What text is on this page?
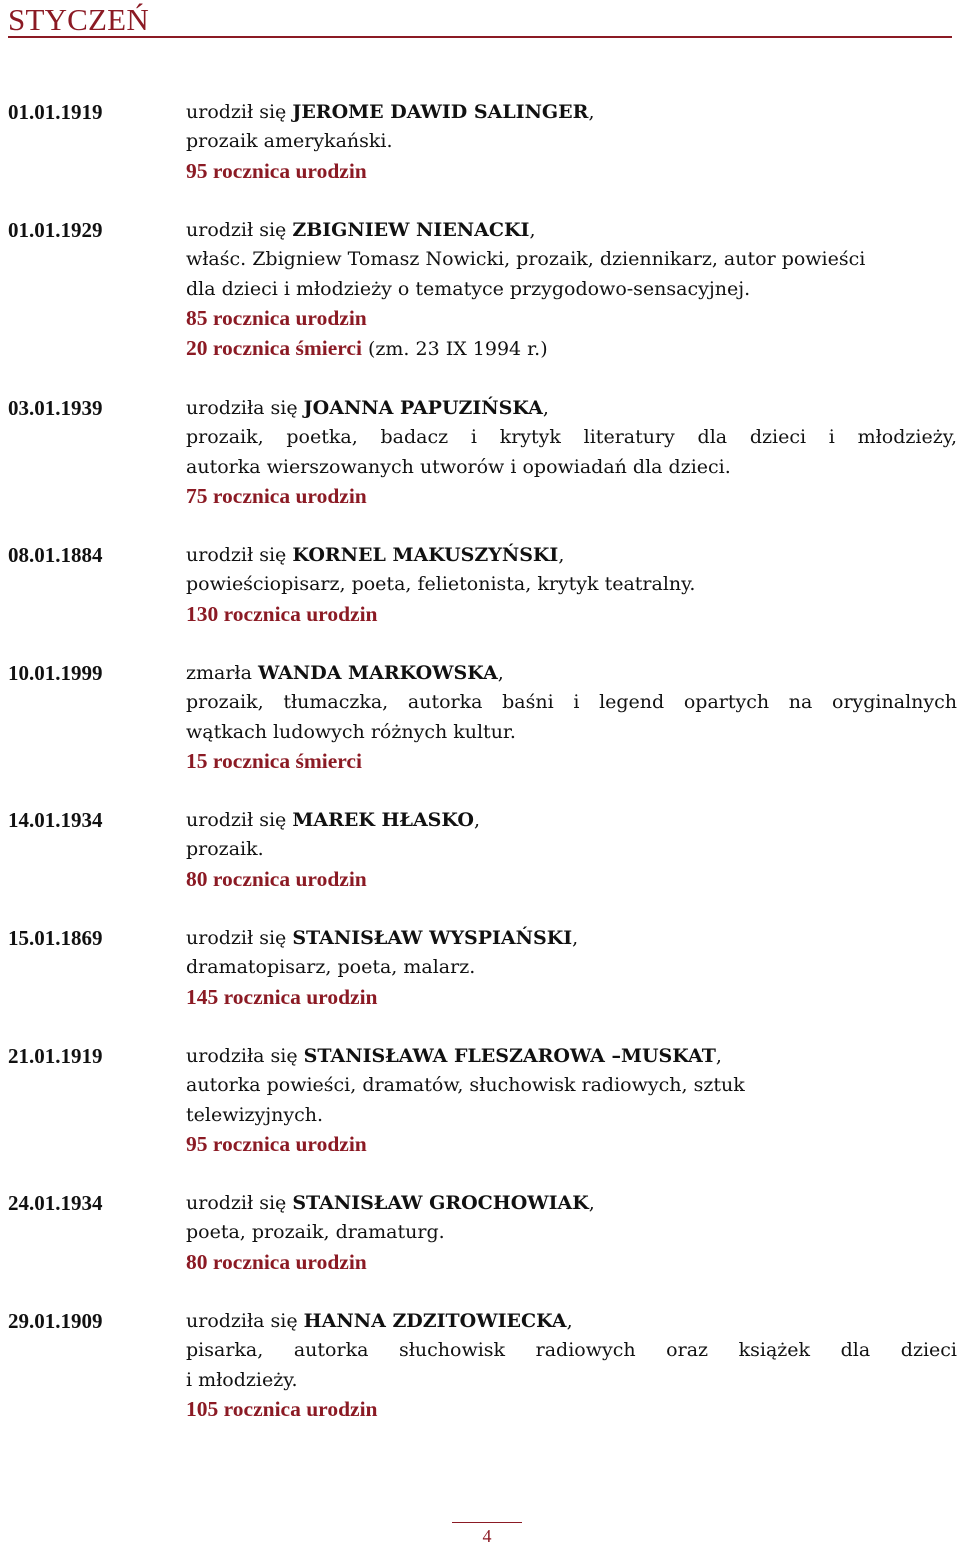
STYCZEŃ
01.01.1919	urodził się JEROME DAWID SALINGER,
prozaik amerykański.
95 rocznica urodzin
01.01.1929	urodził się ZBIGNIEW NIENACKI,
właśc. Zbigniew Tomasz Nowicki, prozaik, dziennikarz, autor powieści
dla dzieci i młodzieży o tematyce przygodowo-sensacyjnej.
85 rocznica urodzin
20 rocznica śmierci (zm. 23 IX 1994 r.)
03.01.1939	urodziła się JOANNA PAPUZIŃSKA,
prozaik, poetka, badacz i krytyk literatury dla dzieci i młodzieży,
autorka wierszowanych utworów i opowiadań dla dzieci.
75 rocznica urodzin
08.01.1884	urodził się KORNEL MAKUSZYŃSKI,
powieściopisarz, poeta, felietonista, krytyk teatralny.
130 rocznica urodzin
10.01.1999	zmarła WANDA MARKOWSKA,
prozaik, tłumaczka, autorka baśni i legend opartych na oryginalnych
wątkach ludowych różnych kultur.
15 rocznica śmierci
14.01.1934	urodził się MAREK HŁASKO,
prozaik.
80 rocznica urodzin
15.01.1869	urodził się STANISŁAW WYSPIAŃSKI,
dramatopisarz, poeta, malarz.
145 rocznica urodzin
21.01.1919	urodziła się STANISŁAWA FLESZAROWA –MUSKAT,
autorka powieści, dramatów, słuchowisk radiowych, sztuk
telewizyjnych.
95 rocznica urodzin
24.01.1934	urodził się STANISŁAW GROCHOWIAK,
poeta, prozaik, dramaturg.
80 rocznica urodzin
29.01.1909	urodziła się HANNA ZDZITOWIECKA,
pisarka, autorka słuchowisk radiowych oraz książek dla dzieci
i młodzieży.
105 rocznica urodzin
4
